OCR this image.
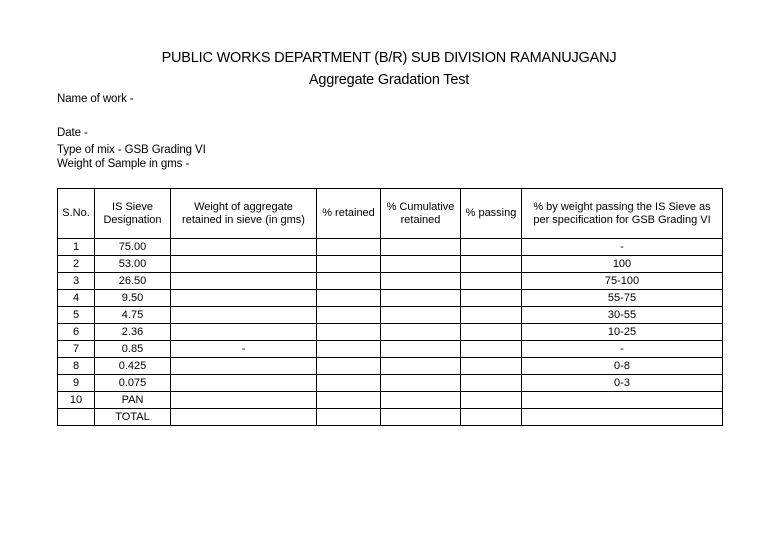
PUBLIC WORKS DEPARTMENT (B/R) SUB DIVISION RAMANUJGANJ
Aggregate Gradation Test
Name of work -
Date -
Type of mix - GSB Grading VI
Weight of Sample in gms -
S.No.	IS Sieve Designation	Weight of aggregate retained in sieve (in gms)	% retained	% Cumulative retained	% passing	% by weight passing the IS Sieve as per specification for GSB Grading VI
1	75.00					-
2	53.00					100
3	26.50					75-100
4	9.50					55-75
5	4.75					30-55
6	2.36					10-25
7	0.85	-				-
8	0.425					0-8
9	0.075					0-3
10	PAN					
	TOTAL					
